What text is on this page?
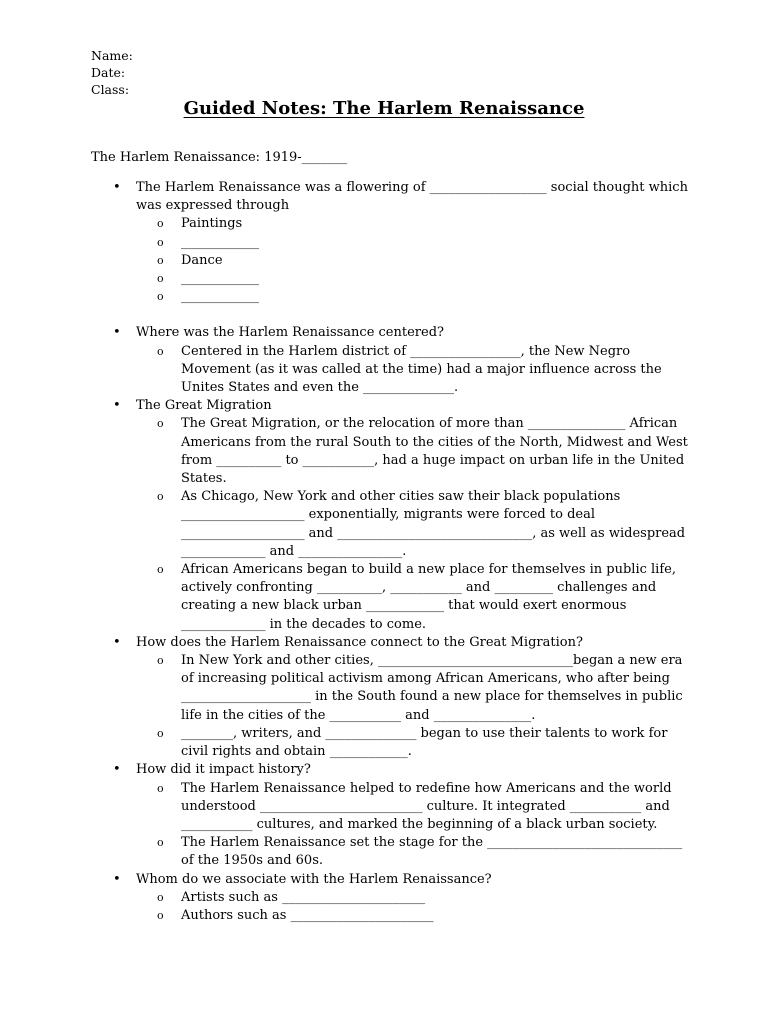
Name:
Date:
Class:
Guided Notes: The Harlem Renaissance
The Harlem Renaissance: 1919-_______
• The Harlem Renaissance was a flowering of __________________ social thought which was expressed through
o Paintings
o ____________
o Dance
o ____________
o ____________
• Where was the Harlem Renaissance centered?
o Centered in the Harlem district of _________________, the New Negro Movement (as it was called at the time) had a major influence across the Unites States and even the ______________.
• The Great Migration
o The Great Migration, or the relocation of more than _______________ African Americans from the rural South to the cities of the North, Midwest and West from __________ to ___________, had a huge impact on urban life in the United States.
o As Chicago, New York and other cities saw their black populations ___________________ exponentially, migrants were forced to deal ___________________ and ______________________________, as well as widespread _____________ and ________________.
o African Americans began to build a new place for themselves in public life, actively confronting __________, ___________ and _________ challenges and creating a new black urban ____________ that would exert enormous _____________ in the decades to come.
• How does the Harlem Renaissance connect to the Great Migration?
o In New York and other cities, ______________________________began a new era of increasing political activism among African Americans, who after being ____________________ in the South found a new place for themselves in public life in the cities of the ___________ and _______________.
o ________, writers, and ______________ began to use their talents to work for civil rights and obtain ____________.
• How did it impact history?
o The Harlem Renaissance helped to redefine how Americans and the world understood _________________________ culture. It integrated ___________ and ___________ cultures, and marked the beginning of a black urban society.
o The Harlem Renaissance set the stage for the ______________________________ of the 1950s and 60s.
• Whom do we associate with the Harlem Renaissance?
o Artists such as ______________________
o Authors such as ______________________
